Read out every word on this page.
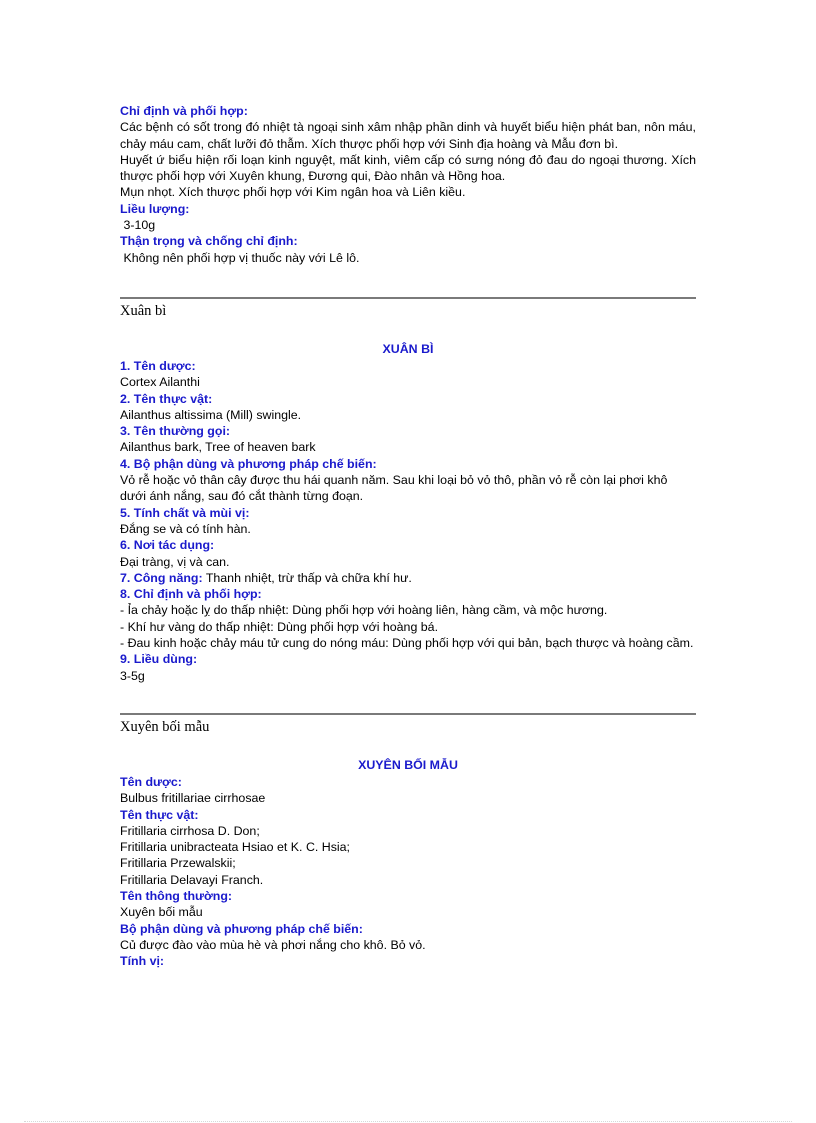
Chỉ định và phối hợp:

Các bệnh có sốt trong đó nhiệt tà ngoại sinh xâm nhập phần dinh và huyết biểu hiện phát ban, nôn máu, chảy máu cam, chất lưỡi đỏ thẫm. Xích thược phối hợp với Sinh địa hoàng và Mẫu đơn bì.

Huyết ứ biểu hiện rối loạn kinh nguyệt, mất kinh, viêm cấp có sưng nóng đỏ đau do ngoại thương. Xích thược phối hợp với Xuyên khung, Đương qui, Đào nhân và Hồng hoa.

Mụn nhọt. Xích thược phối hợp với Kim ngân hoa và Liên kiều.

Liều lượng:

3-10g

Thận trọng và chống chỉ định:

Không nên phối hợp vị thuốc này với Lê lô.

Xuân bì

XUÂN BÌ

1. Tên dược:

Cortex Ailanthi

2. Tên thực vật:

Ailanthus altissima (Mill) swingle.

3. Tên thường gọi:

Ailanthus bark, Tree of heaven bark

4. Bộ phận dùng và phương pháp chế biến:

Vỏ rễ hoặc vỏ thân cây được thu hái quanh năm. Sau khi loại bỏ vỏ thô, phần vỏ rễ còn lại phơi khô dưới ánh nắng, sau đó cắt thành từng đoạn.

5. Tính chất và mùi vị:

Đắng se và có tính hàn.

6. Nơi tác dụng:

Đại tràng, vị và can.

7. Công năng: Thanh nhiệt, trừ thấp và chữa khí hư.

8. Chỉ định và phối hợp:

- Ỉa chảy hoặc lỵ do thấp nhiệt: Dùng phối hợp với hoàng liên, hàng cầm, và mộc hương.

- Khí hư vàng do thấp nhiệt: Dùng phối hợp với hoàng bá.

- Đau kinh hoặc chảy máu tử cung do nóng máu: Dùng phối hợp với qui bản, bạch thược và hoàng cầm.

9. Liều dùng:

3-5g

Xuyên bối mẫu

XUYÊN BỐI MẪU

Tên dược:

Bulbus fritillariae cirrhosae

Tên thực vật:

Fritillaria cirrhosa D. Don;

Fritillaria unibracteata Hsiao et K. C. Hsia;

Fritillaria Przewalskii;

Fritillaria Delavayi Franch.

Tên thông thường:

Xuyên bối mẫu

Bộ phận dùng và phương pháp chế biến:

Củ được đào vào mùa hè và phơi nắng cho khô. Bỏ vỏ.

Tính vị:
